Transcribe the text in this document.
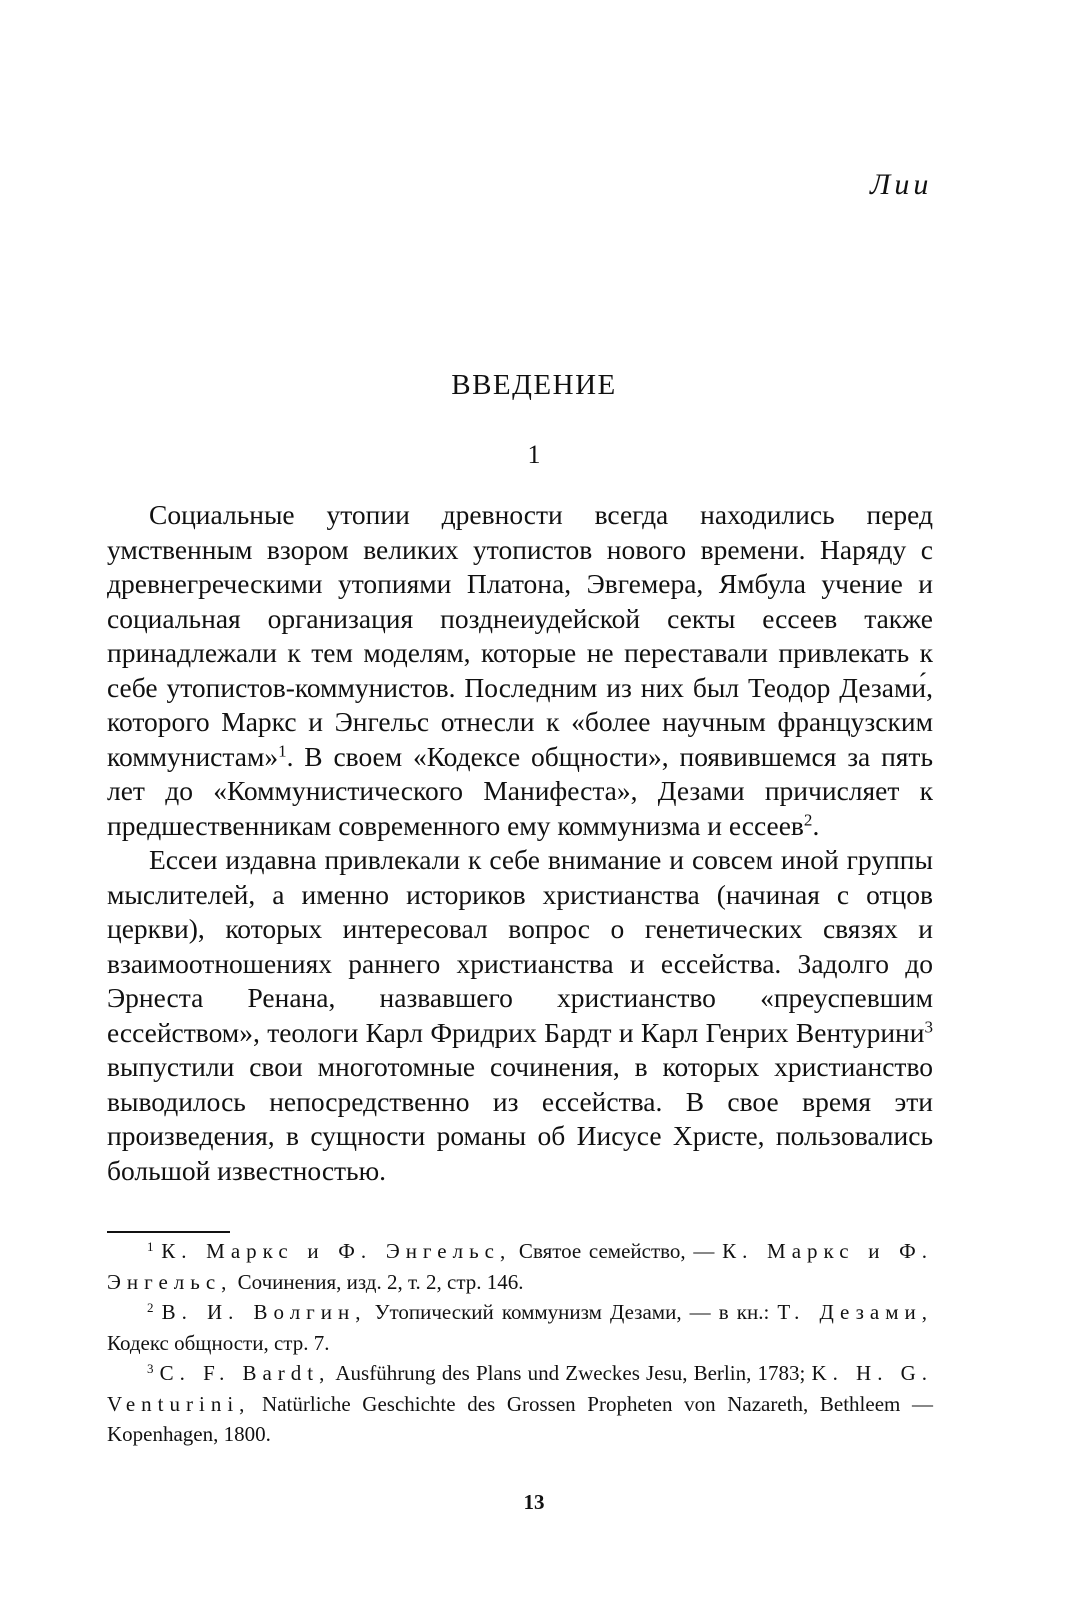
Лии
ВВЕДЕНИЕ
1

Социальные утопии древности всегда находились перед умственным взором великих утопистов нового времени. Наряду с древнегреческими утопиями Платона, Эвгемера, Ямбула учение и социальная организация позднеиудейской секты ессеев также принадлежали к тем моделям, которые не переставали привлекать к себе утопистов-коммунистов. Последним из них был Теодор Дезами́, которого Маркс и Энгельс отнесли к «более научным французским коммунистам»$^1$. В своем «Кодексе общности», появившемся за пять лет до «Коммунистического Манифеста», Дезами причисляет к предшественникам современного ему коммунизма и ессеев$^2$.

Ессеи издавна привлекали к себе внимание и совсем иной группы мыслителей, а именно историков христианства (начиная с отцов церкви), которых интересовал вопрос о генетических связях и взаимоотношениях раннего христианства и ессейства. Задолго до Эрнеста Ренана, назвавшего христианство «преуспевшим ессейством», теологи Карл Фридрих Бардт и Карл Генрих Вентурини$^3$ выпустили свои многотомные сочинения, в которых христианство выводилось непосредственно из ессейства. В свое время эти произведения, в сущности романы об Иисусе Христе, пользовались большой известностью.

$^1$ К. Маркс и Ф. Энгельс, Святое семейство, — К. Маркс и Ф. Энгельс, Сочинения, изд. 2, т. 2, стр. 146.

$^2$ В. И. Волгин, Утопический коммунизм Дезами, — в кн.: Т. Дезами, Кодекс общности, стр. 7.

$^3$ C. F. Bardt, Ausführung des Plans und Zweckes Jesu, Berlin, 1783; K. H. G. Venturini, Natürliche Geschichte des Grossen Propheten von Nazareth, Bethleem — Kopenhagen, 1800.

13
